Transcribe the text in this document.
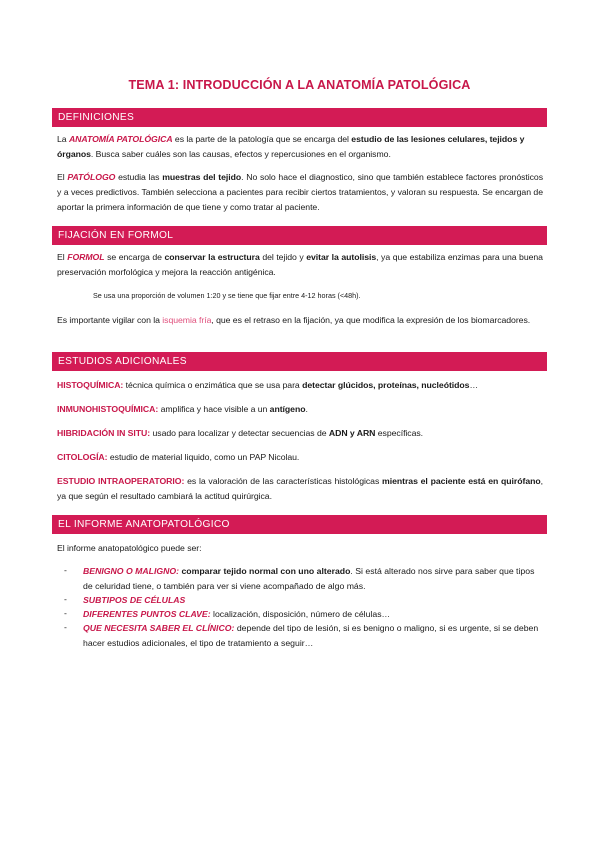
TEMA 1: INTRODUCCIÓN A LA ANATOMÍA PATOLÓGICA
DEFINICIONES
La ANATOMÍA PATOLÓGICA es la parte de la patología que se encarga del estudio de las lesiones celulares, tejidos y órganos. Busca saber cuáles son las causas, efectos y repercusiones en el organismo.
El PATÓLOGO estudia las muestras del tejido. No solo hace el diagnostico, sino que también establece factores pronósticos y a veces predictivos. También selecciona a pacientes para recibir ciertos tratamientos, y valoran su respuesta. Se encargan de aportar la primera información de que tiene y como tratar al paciente.
FIJACIÓN EN FORMOL
El FORMOL se encarga de conservar la estructura del tejido y evitar la autolisis, ya que estabiliza enzimas para una buena preservación morfológica y mejora la reacción antigénica.
Se usa una proporción de volumen 1:20 y se tiene que fijar entre 4-12 horas (<48h).
Es importante vigilar con la isquemia fría, que es el retraso en la fijación, ya que modifica la expresión de los biomarcadores.
ESTUDIOS ADICIONALES
HISTOQUÍMICA: técnica química o enzimática que se usa para detectar glúcidos, proteínas, nucleótidos…
INMUNOHISTOQUÍMICA: amplifica y hace visible a un antígeno.
HIBRIDACIÓN IN SITU: usado para localizar y detectar secuencias de ADN y ARN específicas.
CITOLOGÍA: estudio de material liquido, como un PAP Nicolau.
ESTUDIO INTRAOPERATORIO: es la valoración de las características histológicas mientras el paciente está en quirófano, ya que según el resultado cambiará la actitud quirúrgica.
EL INFORME ANATOPATOLÓGICO
El informe anatopatológico puede ser:
- BENIGNO O MALIGNO: comparar tejido normal con uno alterado. Si está alterado nos sirve para saber que tipos de celuridad tiene, o también para ver si viene acompañado de algo más.
- SUBTIPOS DE CÉLULAS
- DIFERENTES PUNTOS CLAVE: localización, disposición, número de células…
- QUE NECESITA SABER EL CLÍNICO: depende del tipo de lesión, si es benigno o maligno, si es urgente, si se deben hacer estudios adicionales, el tipo de tratamiento a seguir…
